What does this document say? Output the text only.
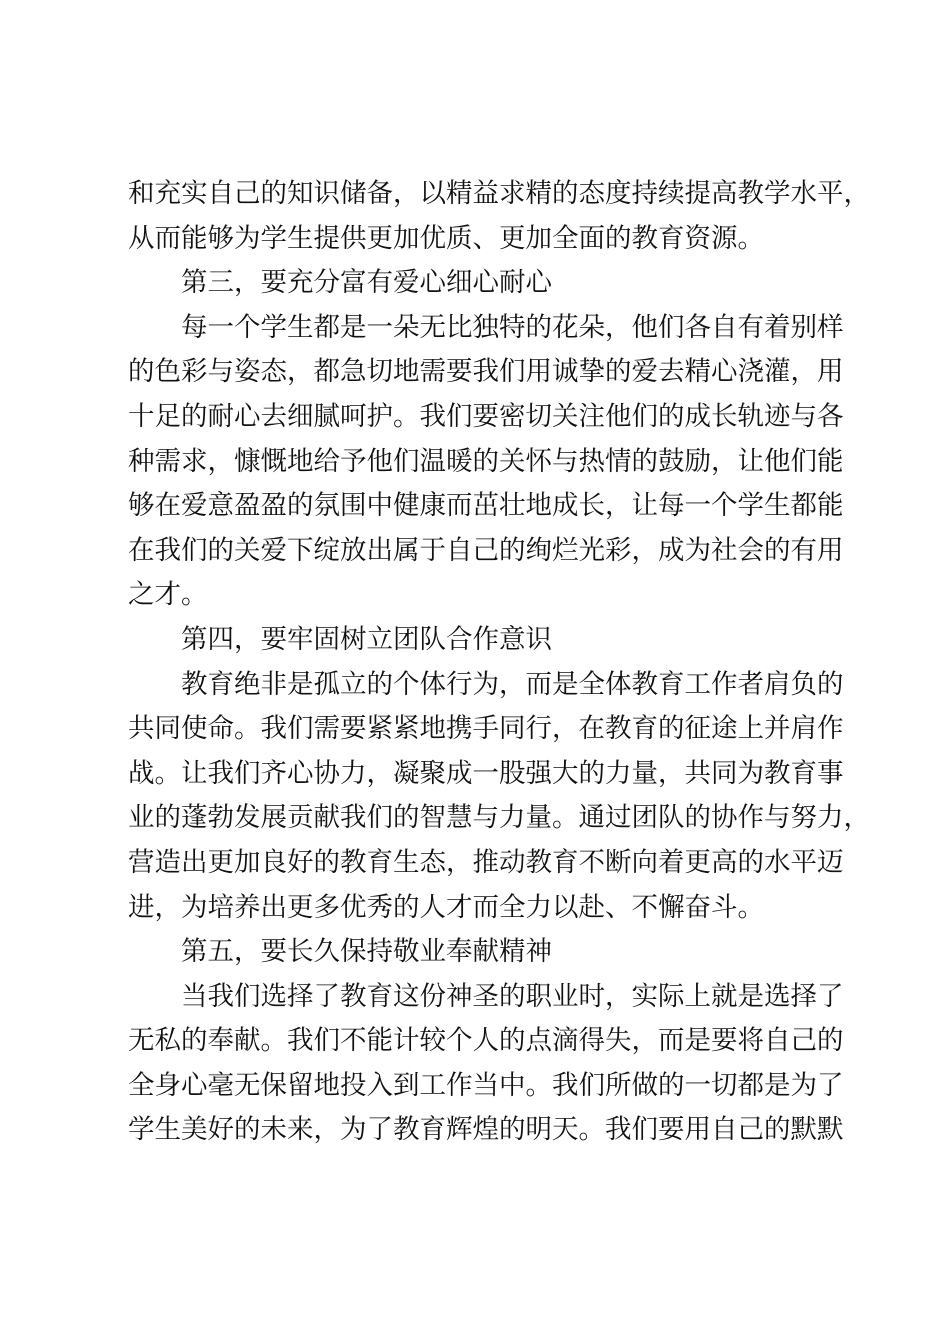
和充实自己的知识储备，以精益求精的态度持续提高教学水平，
从而能够为学生提供更加优质、更加全面的教育资源。
第三，要充分富有爱心细心耐心
每一个学生都是一朵无比独特的花朵，他们各自有着别样
的色彩与姿态，都急切地需要我们用诚挚的爱去精心浇灌，用
十足的耐心去细腻呵护。我们要密切关注他们的成长轨迹与各
种需求，慷慨地给予他们温暖的关怀与热情的鼓励，让他们能
够在爱意盈盈的氛围中健康而茁壮地成长，让每一个学生都能
在我们的关爱下绽放出属于自己的绚烂光彩，成为社会的有用
之才。
第四，要牢固树立团队合作意识
教育绝非是孤立的个体行为，而是全体教育工作者肩负的
共同使命。我们需要紧紧地携手同行，在教育的征途上并肩作
战。让我们齐心协力，凝聚成一股强大的力量，共同为教育事
业的蓬勃发展贡献我们的智慧与力量。通过团队的协作与努力，
营造出更加良好的教育生态，推动教育不断向着更高的水平迈
进，为培养出更多优秀的人才而全力以赴、不懈奋斗。
第五，要长久保持敬业奉献精神
当我们选择了教育这份神圣的职业时，实际上就是选择了
无私的奉献。我们不能计较个人的点滴得失，而是要将自己的
全身心毫无保留地投入到工作当中。我们所做的一切都是为了
学生美好的未来，为了教育辉煌的明天。我们要用自己的默默
